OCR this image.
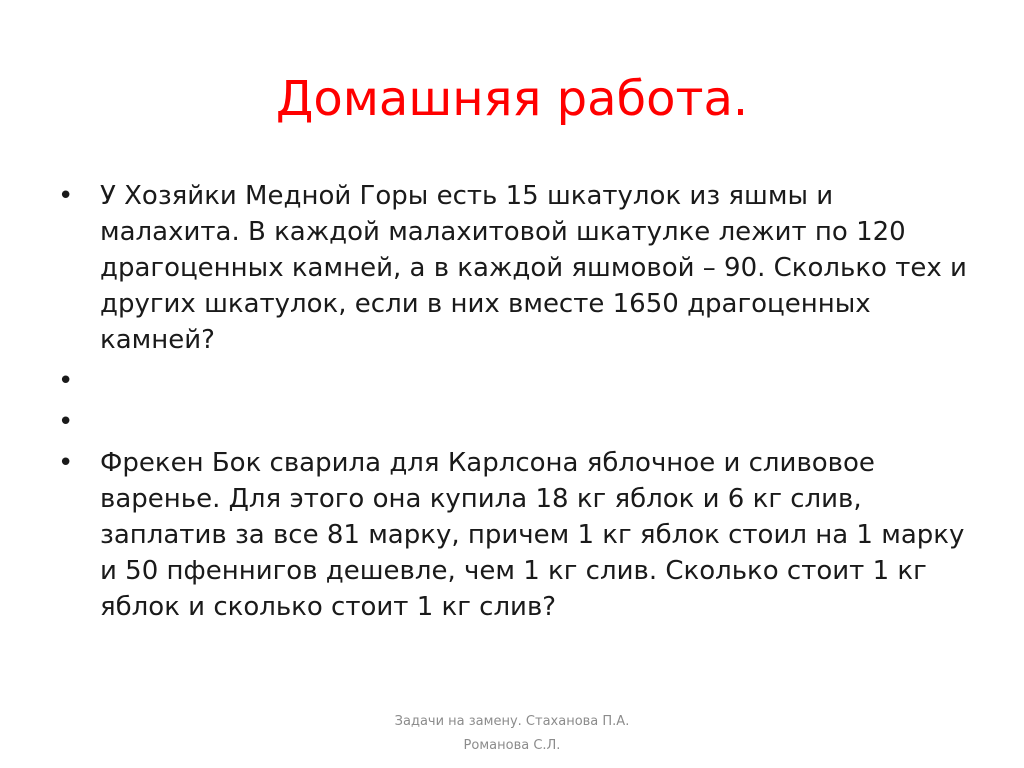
Домашняя работа.
• У Хозяйки Медной Горы есть 15 шкатулок из яшмы и малахита. В каждой малахитовой шкатулке лежит по 120 драгоценных камней, а в каждой яшмовой – 90. Сколько тех и других шкатулок, если в них вместе 1650 драгоценных камней?
•
•
• Фрекен Бок сварила для Карлсона яблочное и сливовое варенье. Для этого она купила 18 кг яблок и 6 кг слив, заплатив за все 81 марку, причем 1 кг яблок стоил на 1 марку и 50 пфеннигов дешевле, чем 1 кг слив. Сколько стоит 1 кг яблок и сколько стоит 1 кг слив?
Задачи на замену. Стаханова П.А.
Романова С.Л.
